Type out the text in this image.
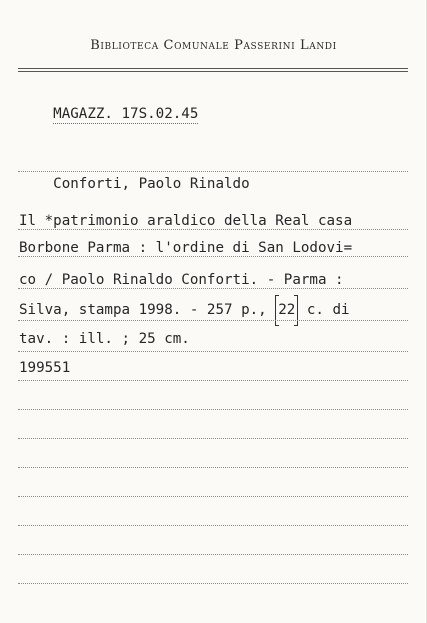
Biblioteca Comunale Passerini Landi

MAGAZZ. 17S.02.45

Conforti, Paolo Rinaldo

Il *patrimonio araldico della Real casa
Borbone Parma : l'ordine di San Lodovi=
co / Paolo Rinaldo Conforti. - Parma :
Silva, stampa 1998. - 257 p., 22 c. di
tav. : ill. ; 25 cm.
199551
